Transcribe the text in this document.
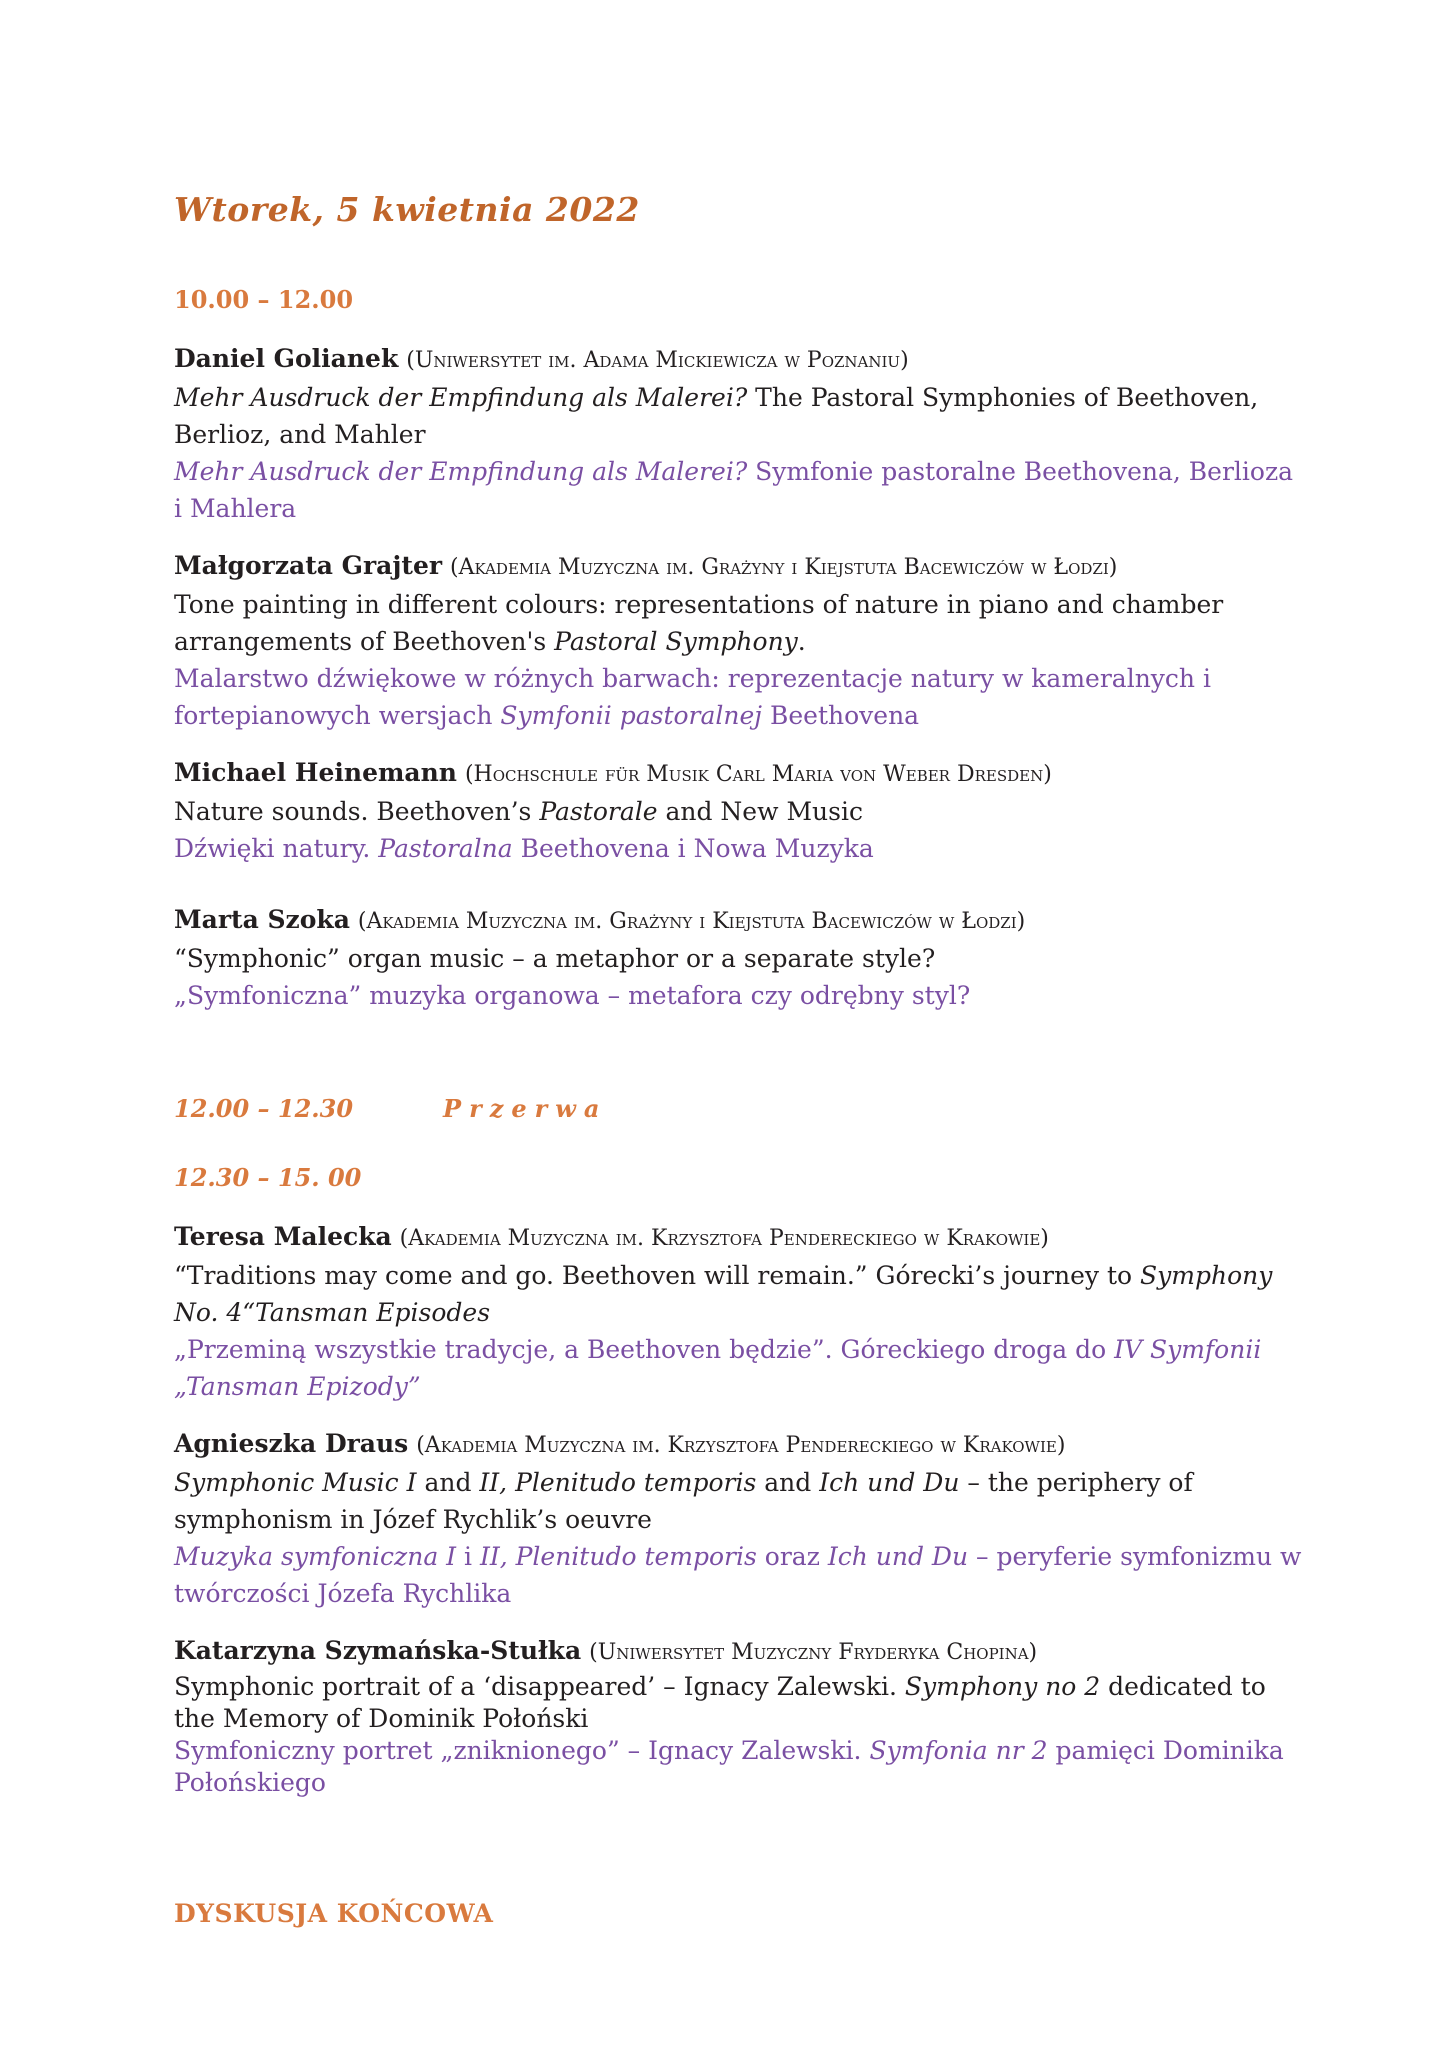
Wtorek, 5 kwietnia 2022
10.00 – 12.00

Daniel Golianek (Uniwersytet im. Adama Mickiewicza w Poznaniu)

Mehr Ausdruck der Empfindung als Malerei? The Pastoral Symphonies of Beethoven, Berlioz, and Mahler

Mehr Ausdruck der Empfindung als Malerei? Symfonie pastoralne Beethovena, Berlioza i Mahlera

Małgorzata Grajter (Akademia Muzyczna im. Grażyny i Kiejstuta Bacewiczów w Łodzi)

Tone painting in different colours: representations of nature in piano and chamber arrangements of Beethoven's Pastoral Symphony.

Malarstwo dźwiękowe w różnych barwach: reprezentacje natury w kameralnych i fortepianowych wersjach Symfonii pastoralnej Beethovena

Michael Heinemann (Hochschule für Musik Carl Maria von Weber Dresden)

Nature sounds. Beethoven’s Pastorale and New Music

Dźwięki natury. Pastoralna Beethovena i Nowa Muzyka

Marta Szoka (Akademia Muzyczna im. Grażyny i Kiejstuta Bacewiczów w Łodzi)

“Symphonic” organ music – a metaphor or a separate style?

„Symfoniczna” muzyka organowa – metafora czy odrębny styl?

12.00 – 12.30	Przerwa
12.30 – 15. 00

Teresa Malecka (Akademia Muzyczna im. Krzysztofa Pendereckiego w Krakowie)

“Traditions may come and go. Beethoven will remain.” Górecki’s journey to Symphony No. 4“Tansman Episodes

„Przeminą wszystkie tradycje, a Beethoven będzie”. Góreckiego droga do IV Symfonii „Tansman Epizody”

Agnieszka Draus (Akademia Muzyczna im. Krzysztofa Pendereckiego w Krakowie)

Symphonic Music I and II, Plenitudo temporis and Ich und Du – the periphery of symphonism in Józef Rychlik’s oeuvre

Muzyka symfoniczna I i II, Plenitudo temporis oraz Ich und Du – peryferie symfonizmu w twórczości Józefa Rychlika

Katarzyna Szymańska-Stułka (Uniwersytet Muzyczny Fryderyka Chopina)

Symphonic portrait of a ‘disappeared’ – Ignacy Zalewski. Symphony no 2 dedicated to the Memory of Dominik Połoński

Symfoniczny portret „zniknionego” – Ignacy Zalewski. Symfonia nr 2 pamięci Dominika Połońskiego

DYSKUSJA KOŃCOWA
